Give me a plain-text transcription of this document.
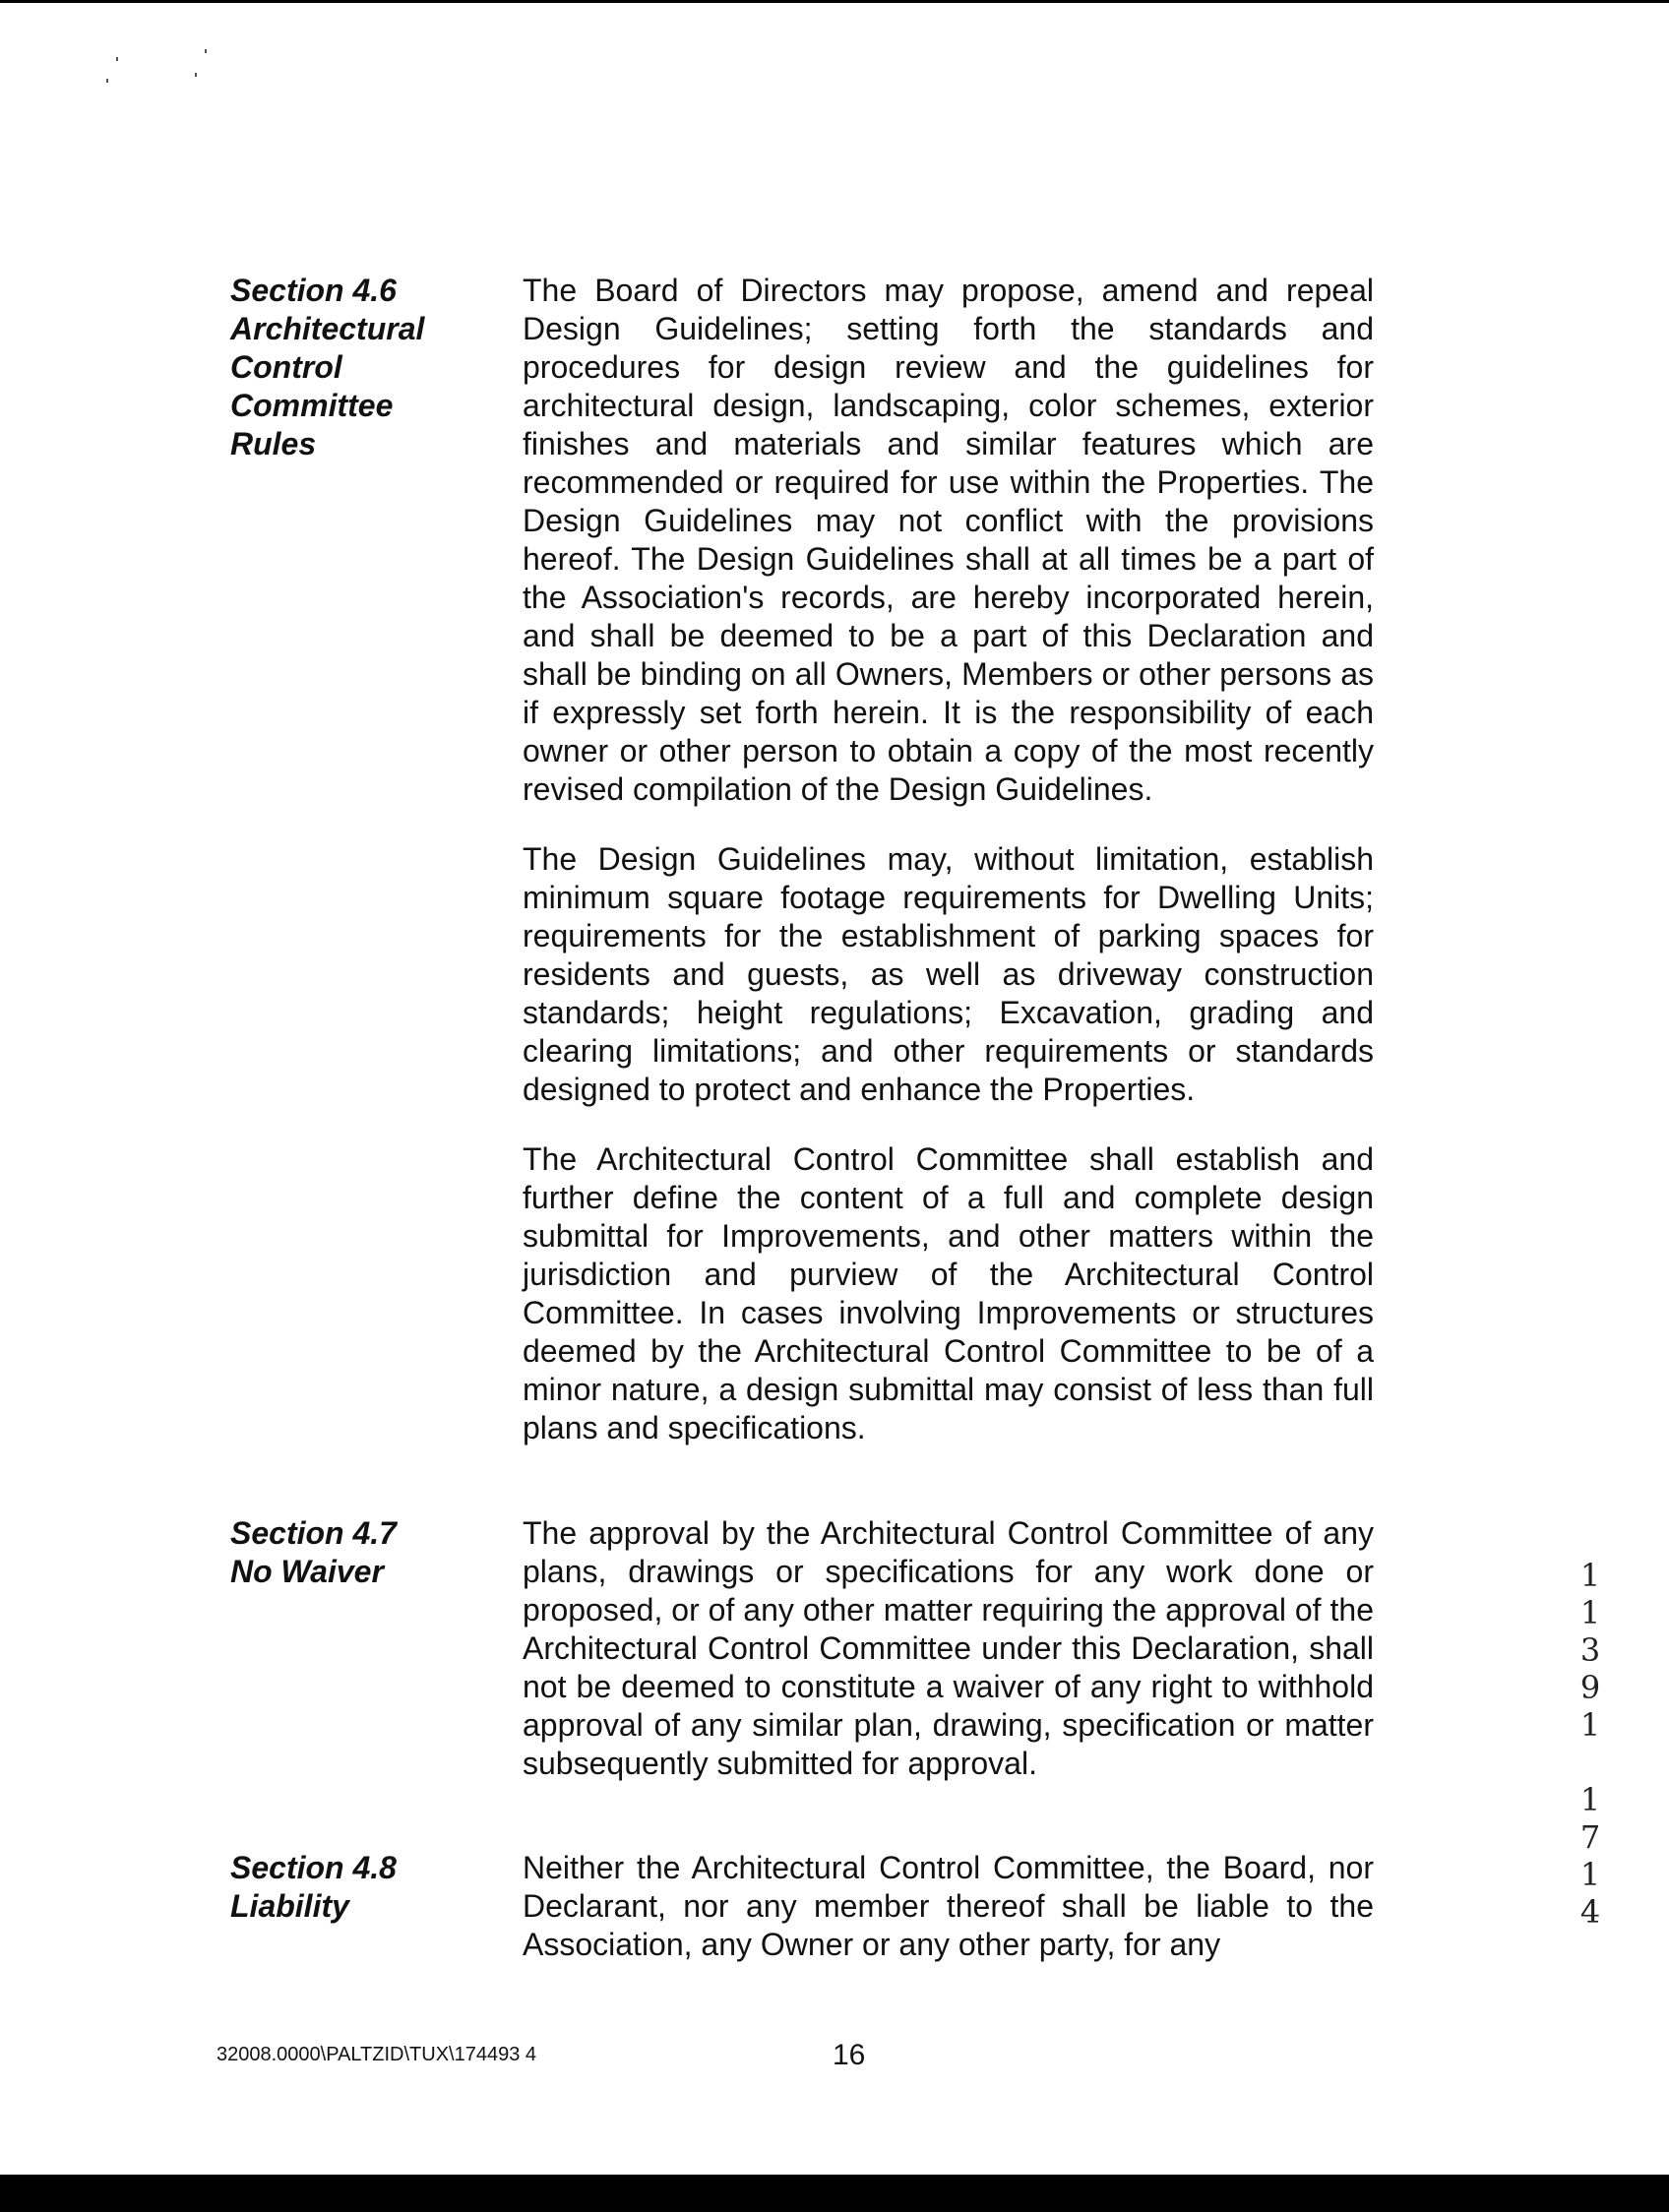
Section 4.6
Architectural
Control
Committee
Rules

The Board of Directors may propose, amend and repeal Design Guidelines; setting forth the standards and procedures for design review and the guidelines for architectural design, landscaping, color schemes, exterior finishes and materials and similar features which are recommended or required for use within the Properties. The Design Guidelines may not conflict with the provisions hereof. The Design Guidelines shall at all times be a part of the Association's records, are hereby incorporated herein, and shall be deemed to be a part of this Declaration and shall be binding on all Owners, Members or other persons as if expressly set forth herein. It is the responsibility of each owner or other person to obtain a copy of the most recently revised compilation of the Design Guidelines.

The Design Guidelines may, without limitation, establish minimum square footage requirements for Dwelling Units; requirements for the establishment of parking spaces for residents and guests, as well as driveway construction standards; height regulations; Excavation, grading and clearing limitations; and other requirements or standards designed to protect and enhance the Properties.

The Architectural Control Committee shall establish and further define the content of a full and complete design submittal for Improvements, and other matters within the jurisdiction and purview of the Architectural Control Committee. In cases involving Improvements or structures deemed by the Architectural Control Committee to be of a minor nature, a design submittal may consist of less than full plans and specifications.

Section 4.7
No Waiver

The approval by the Architectural Control Committee of any plans, drawings or specifications for any work done or proposed, or of any other matter requiring the approval of the Architectural Control Committee under this Declaration, shall not be deemed to constitute a waiver of any right to withhold approval of any similar plan, drawing, specification or matter subsequently submitted for approval.

Section 4.8
Liability

Neither the Architectural Control Committee, the Board, nor Declarant, nor any member thereof shall be liable to the Association, any Owner or any other party, for any

1
1
3
9
1
1
7
1
4
32008.0000\PALTZID\TUX\174493 4	16
